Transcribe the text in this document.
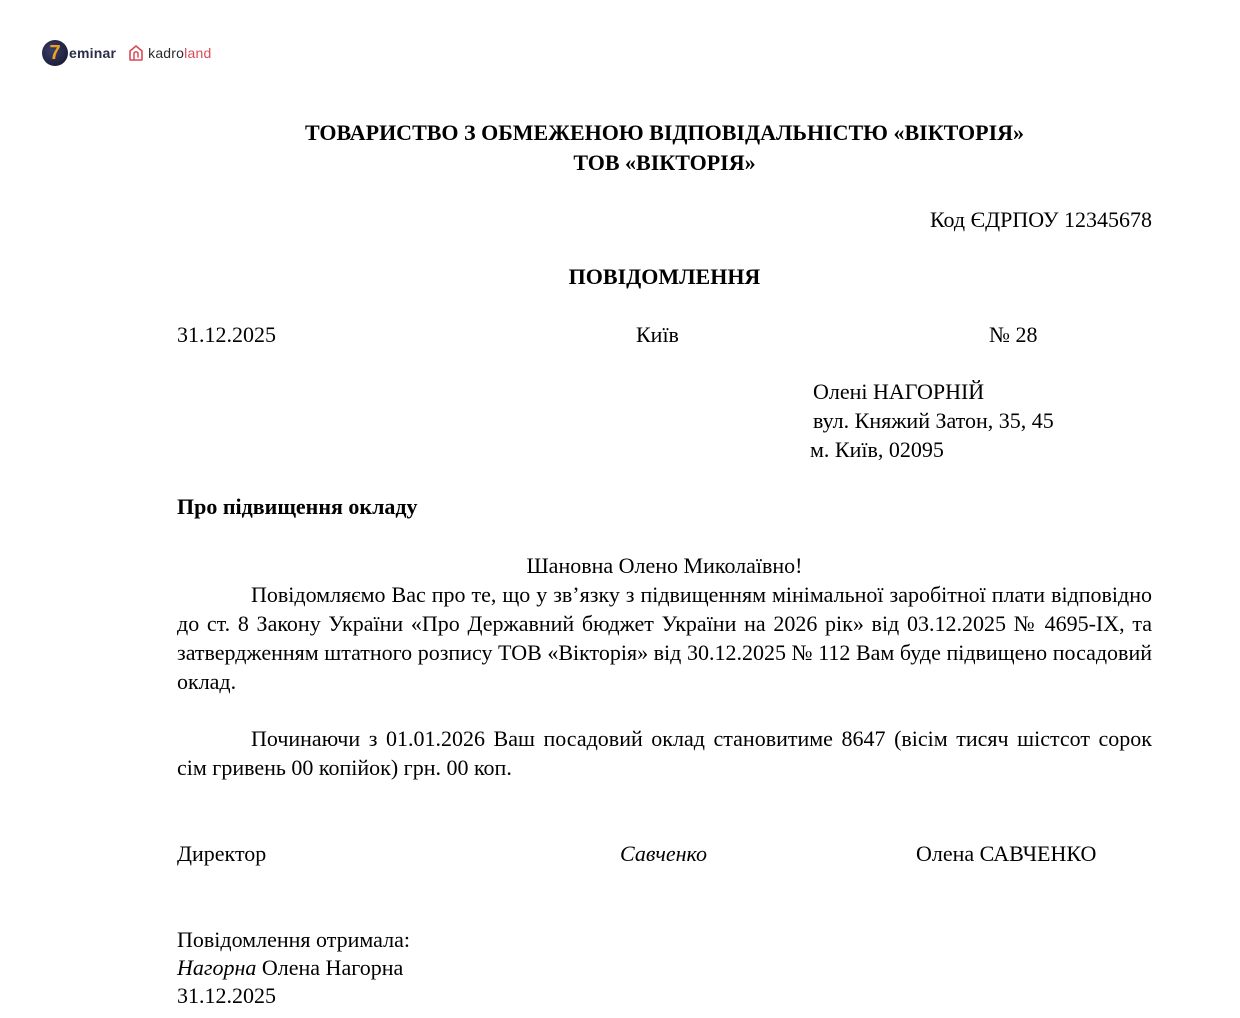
7 eminar kadroland
ТОВАРИСТВО З ОБМЕЖЕНОЮ ВІДПОВІДАЛЬНІСТЮ «ВІКТОРІЯ»
ТОВ «ВІКТОРІЯ»
Код ЄДРПОУ 12345678
ПОВІДОМЛЕННЯ
31.12.2025	Київ	№ 28
Олені НАГОРНІЙ
вул. Княжий Затон, 35, 45
м. Київ, 02095
Про підвищення окладу
Шановна Олено Миколаївно!
Повідомляємо Вас про те, що у зв’язку з підвищенням мінімальної заробітної плати відповідно до ст. 8 Закону України «Про Державний бюджет України на 2026 рік» від 03.12.2025 № 4695-IX, та затвердженням штатного розпису ТОВ «Вікторія» від 30.12.2025 № 112 Вам буде підвищено посадовий оклад.
Починаючи з 01.01.2026 Ваш посадовий оклад становитиме 8647 (вісім тисяч шістсот сорок сім гривень 00 копійок) грн. 00 коп.
Директор	Савченко	Олена САВЧЕНКО
Повідомлення отримала:
Нагорна Олена Нагорна
31.12.2025
